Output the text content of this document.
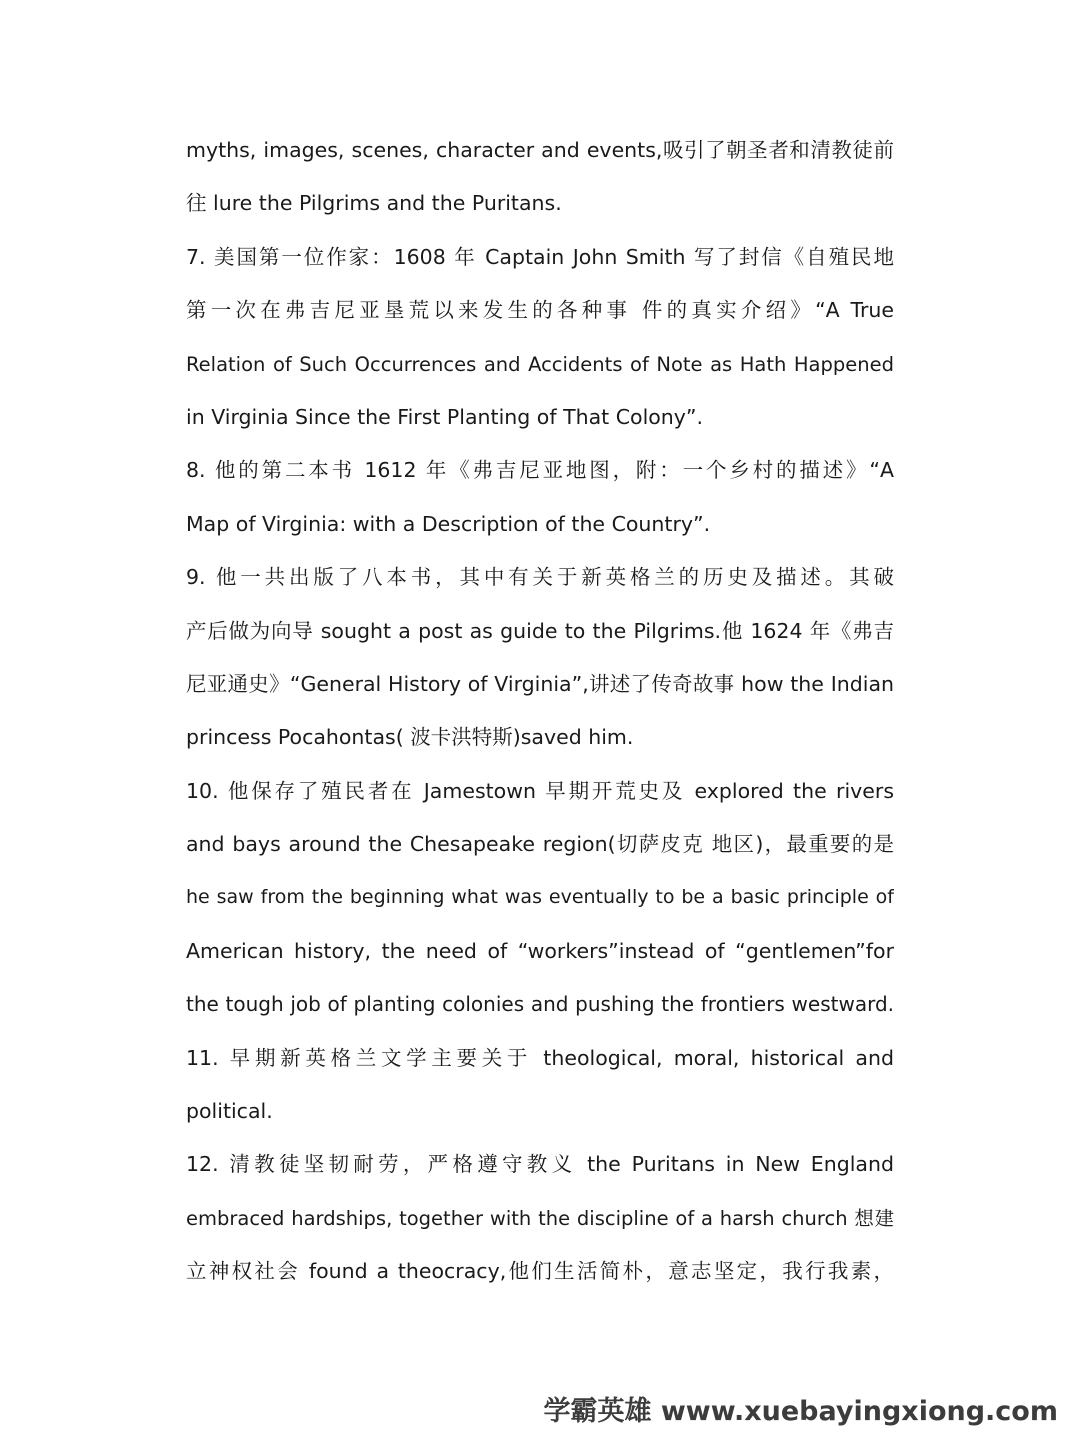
myths, images, scenes, character and events,吸引了朝圣者和清教徒前
往 lure the Pilgrims and the Puritans.
7. 美国第一位作家：1608 年 Captain John Smith 写了封信《自殖民地
第一次在弗吉尼亚垦荒以来发生的各种事 件的真实介绍》“A True
Relation of Such Occurrences and Accidents of Note as Hath Happened
in Virginia Since the First Planting of That Colony”.
8. 他的第二本书 1612 年《弗吉尼亚地图，附：一个乡村的描述》“A
Map of Virginia: with a Description of the Country”.
9. 他一共出版了八本书，其中有关于新英格兰的历史及描述。其破
产后做为向导 sought a post as guide to the Pilgrims.他 1624 年《弗吉
尼亚通史》“General History of Virginia”,讲述了传奇故事 how the Indian
princess Pocahontas( 波卡洪特斯)saved him.
10. 他保存了殖民者在 Jamestown 早期开荒史及 explored the rivers
and bays around the Chesapeake region(切萨皮克 地区)，最重要的是
he saw from the beginning what was eventually to be a basic principle of
American history, the need of “workers”instead of “gentlemen”for
the tough job of planting colonies and pushing the frontiers westward.
11. 早期新英格兰文学主要关于 theological, moral, historical and
political.
12. 清教徒坚韧耐劳，严格遵守教义 the Puritans in New England
embraced hardships, together with the discipline of a harsh church 想建
立神权社会 found a theocracy,他们生活简朴，意志坚定，我行我素，
学霸英雄 www.xuebayingxiong.com
